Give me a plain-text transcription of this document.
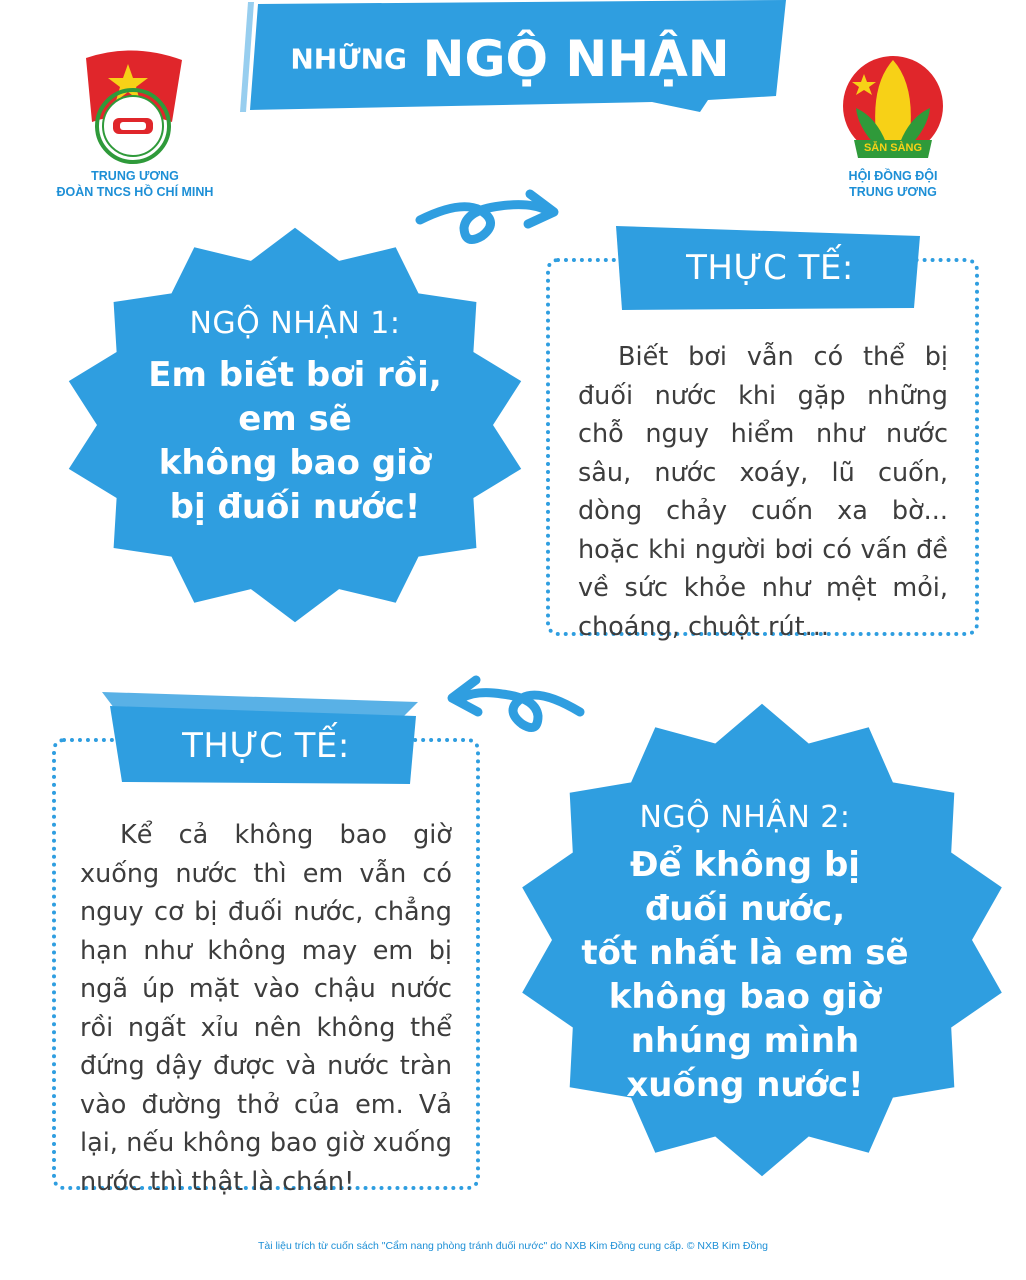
NHỮNG NGỘ NHẬN
TRUNG ƯƠNG
ĐOÀN TNCS HỒ CHÍ MINH
SẴN SÀNG
HỘI ĐỒNG ĐỘI
TRUNG ƯƠNG
NGỘ NHẬN 1:
Em biết bơi rồi,
em sẽ
không bao giờ
bị đuối nước!
THỰC TẾ:
Biết bơi vẫn có thể bị đuối nước khi gặp những chỗ nguy hiểm như nước sâu, nước xoáy, lũ cuốn, dòng chảy cuốn xa bờ... hoặc khi người bơi có vấn đề về sức khỏe như mệt mỏi, choáng, chuột rút...
THỰC TẾ:
Kể cả không bao giờ xuống nước thì em vẫn có nguy cơ bị đuối nước, chẳng hạn như không may em bị ngã úp mặt vào chậu nước rồi ngất xỉu nên không thể đứng dậy được và nước tràn vào đường thở của em. Vả lại, nếu không bao giờ xuống nước thì thật là chán!
NGỘ NHẬN 2:
Để không bị
đuối nước,
tốt nhất là em sẽ
không bao giờ
nhúng mình
xuống nước!
Tài liệu trích từ cuốn sách "Cẩm nang phòng tránh đuối nước" do NXB Kim Đồng cung cấp. © NXB Kim Đồng
